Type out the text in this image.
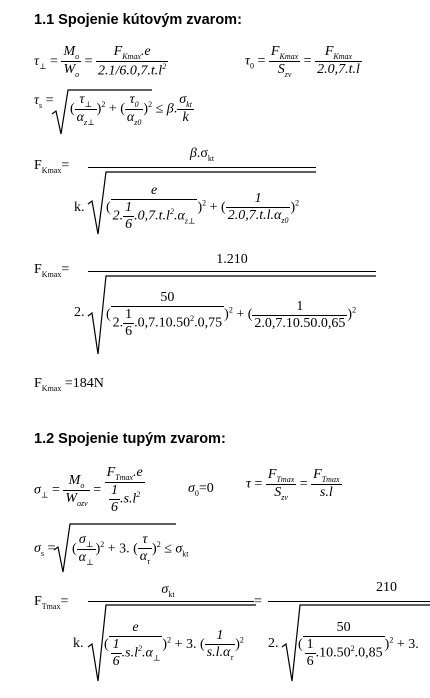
1.1 Spojenie kútovým zvarom:
$\tau_\perp = \frac{M_o}{W_o} = \frac{F_{Kmax}.e}{2.1/6.0,7.t.l^2}$	$\tau_0 = \frac{F_{Kmax}}{S_{zv}} = \frac{F_{Kmax}}{2.0,7.t.l}$
$\tau_s$ =
( $\frac{\tau_\perp}{\alpha_{z\perp}} )^2$ + ( $\frac{\tau_0}{\alpha_{z0}} )^2 \le \beta$. $\frac{\sigma_{kt}}{k}$
$F_{Kmax}=$
$\beta.\sigma_{kt}$
k. ( $\frac{e}{2. \frac{1}{6} .0,7.t.l^2.\alpha_{z\perp}} )^2$ + ( $\frac{1}{2.0,7.t.l.\alpha_{z0}} )^2$
$F_{Kmax}=$
1.210
2. ( $\frac{50}{2. \frac{1}{6} .0,7.10.50^2.0,75} )^2$ + ( $\frac{1}{2.0,7.10.50.0,65} )^2$
$F_{Kmax} =184N$
1.2 Spojenie tupým zvarom:
$\sigma_\perp = \frac{M_o}{W_{ozv}} = \frac{F_{Tmax}.e}{\frac{1}{6} .s.l^2}$	$\sigma_0=0$ $\tau = \frac{F_{Tmax}}{S_{zv}} = \frac{F_{Tmax}}{s.l}$
$\sigma_s$ = ( $\frac{\sigma_\perp}{\alpha_\perp} )^2 + 3$. ( $\frac{\tau}{\alpha_\tau} )^2 \le \sigma_{kt}$
$F_{Tmax}=$
$\sigma_{kt}$	=
k. ( $\frac{e}{\frac{1}{6} .s.l^2.\alpha_\perp} )^2 + 3$. ( $\frac{1}{s.l.\alpha_\tau} )^2$
210
2. ( $\frac{50}{\frac{1}{6} .10.50^2.0,85} )^2 + 3$.
